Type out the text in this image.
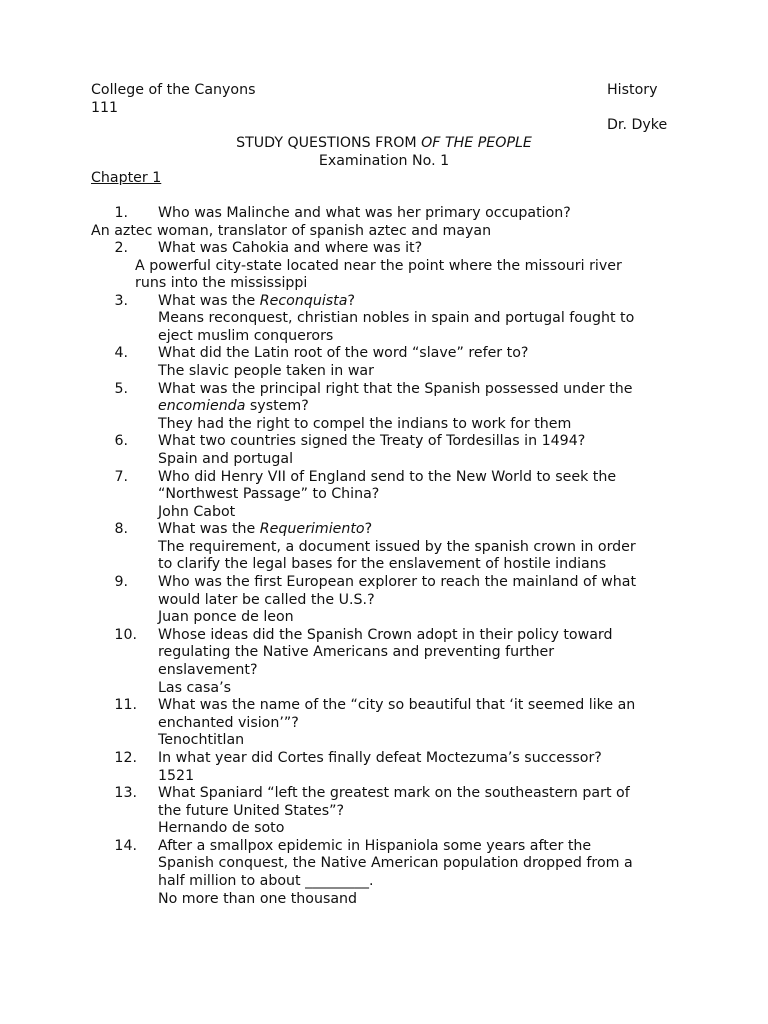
College of the Canyons	History
111
Dr. Dyke
STUDY QUESTIONS FROM OF THE PEOPLE
Examination No. 1
Chapter 1
1. Who was Malinche and what was her primary occupation?
An aztec woman, translator of spanish aztec and mayan
2. What was Cahokia and where was it?
A powerful city-state located near the point where the missouri river
runs into the mississippi
3. What was the Reconquista?
Means reconquest, christian nobles in spain and portugal fought to
eject muslim conquerors
4. What did the Latin root of the word “slave” refer to?
The slavic people taken in war
5. What was the principal right that the Spanish possessed under the
encomienda system?
They had the right to compel the indians to work for them
6. What two countries signed the Treaty of Tordesillas in 1494?
Spain and portugal
7. Who did Henry VII of England send to the New World to seek the
“Northwest Passage” to China?
John Cabot
8. What was the Requerimiento?
The requirement, a document issued by the spanish crown in order
to clarify the legal bases for the enslavement of hostile indians
9. Who was the first European explorer to reach the mainland of what
would later be called the U.S.?
Juan ponce de leon
10. Whose ideas did the Spanish Crown adopt in their policy toward
regulating the Native Americans and preventing further
enslavement?
Las casa’s
11. What was the name of the “city so beautiful that ‘it seemed like an
enchanted vision’”?
Tenochtitlan
12. In what year did Cortes finally defeat Moctezuma’s successor?
1521
13. What Spaniard “left the greatest mark on the southeastern part of
the future United States”?
Hernando de soto
14. After a smallpox epidemic in Hispaniola some years after the
Spanish conquest, the Native American population dropped from a
half million to about _________.
No more than one thousand
